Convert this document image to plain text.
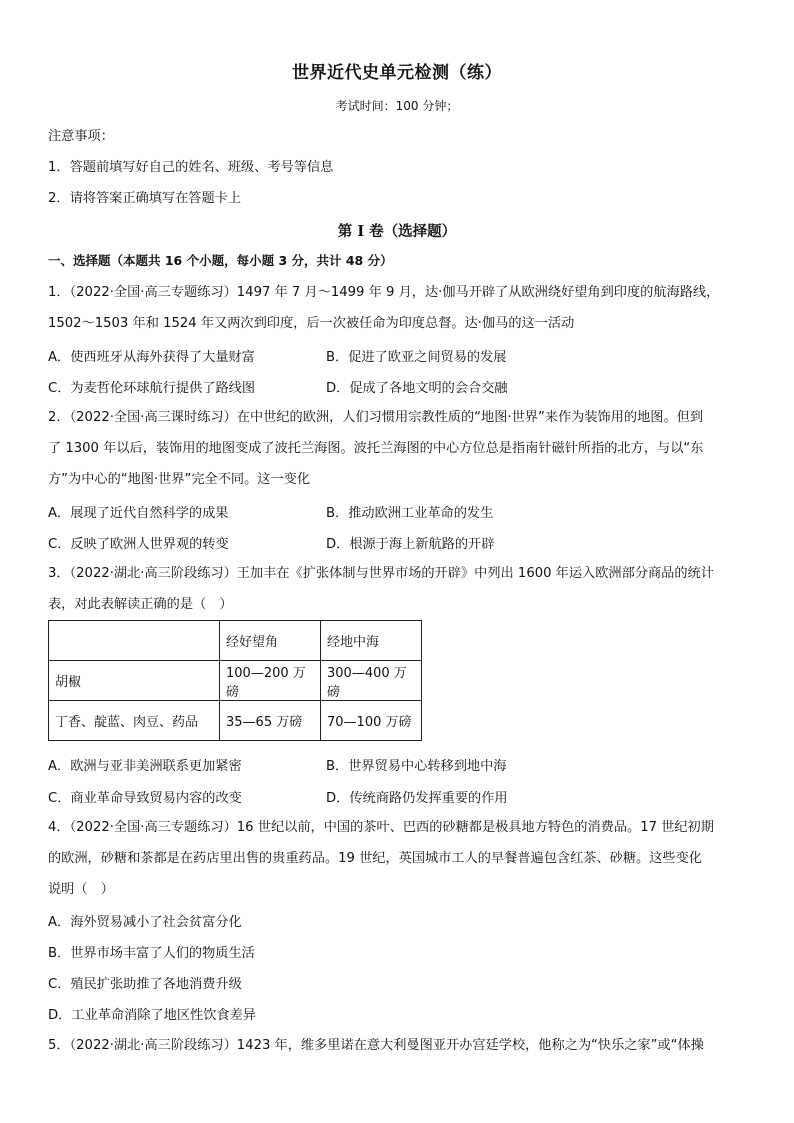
世界近代史单元检测（练）
考试时间：100 分钟；
注意事项：
1．答题前填写好自己的姓名、班级、考号等信息
2．请将答案正确填写在答题卡上
第 I 卷（选择题）
一、选择题（本题共 16 个小题，每小题 3 分，共计 48 分）
1．（2022·全国·高三专题练习）1497 年 7 月～1499 年 9 月，达·伽马开辟了从欧洲绕好望角到印度的航海路线，
1502～1503 年和 1524 年又两次到印度，后一次被任命为印度总督。达·伽马的这一活动
A．使西班牙从海外获得了大量财富	B．促进了欧亚之间贸易的发展
C．为麦哲伦环球航行提供了路线图	D．促成了各地文明的会合交融
2．（2022·全国·高三课时练习）在中世纪的欧洲，人们习惯用宗教性质的“地图·世界”来作为装饰用的地图。但到
了 1300 年以后，装饰用的地图变成了波托兰海图。波托兰海图的中心方位总是指南针磁针所指的北方，与以“东
方”为中心的“地图·世界”完全不同。这一变化
A．展现了近代自然科学的成果	B．推动欧洲工业革命的发生
C．反映了欧洲人世界观的转变	D．根源于海上新航路的开辟
3．（2022·湖北·高三阶段练习）王加丰在《扩张体制与世界市场的开辟》中列出 1600 年运入欧洲部分商品的统计
表，对此表解读正确的是（　）
	经好望角	经地中海
胡椒	100—200 万磅	300—400 万磅
丁香、靛蓝、肉豆、药品	35—65 万磅	70—100 万磅
A．欧洲与亚非美洲联系更加紧密	B．世界贸易中心转移到地中海
C．商业革命导致贸易内容的改变	D．传统商路仍发挥重要的作用
4．（2022·全国·高三专题练习）16 世纪以前，中国的茶叶、巴西的砂糖都是极具地方特色的消费品。17 世纪初期
的欧洲，砂糖和茶都是在药店里出售的贵重药品。19 世纪，英国城市工人的早餐普遍包含红茶、砂糖。这些变化
说明（　）
A．海外贸易减小了社会贫富分化
B．世界市场丰富了人们的物质生活
C．殖民扩张助推了各地消费升级
D．工业革命消除了地区性饮食差异
5．（2022·湖北·高三阶段练习）1423 年，维多里诺在意大利曼图亚开办宫廷学校，他称之为“快乐之家”或“体操
